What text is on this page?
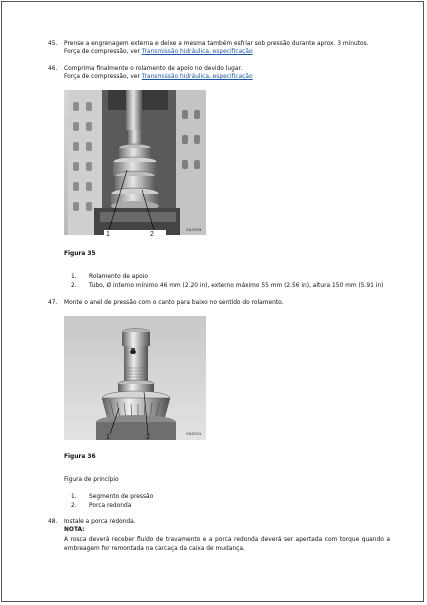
45. Prense a engrenagem externa e deixe a mesma também esfriar sob pressão durante aprox. 3 minutos.
Força de compressão, ver Transmissão hidráulica, especificação
46. Comprima finalmente o rolamento de apoio no devido lugar.
Força de compressão, ver Transmissão hidráulica, especificação
1	2
V1121978
Figura 35
1. Rolamento de apoio
2. Tubo, Ø interno mínimo 46 mm (2.20 in), externo máximo 55 mm (2.56 in), altura 150 mm (5.91 in)
47. Monte o anel de pressão com o canto para baixo no sentido do rolamento.
1	2	V1120741
Figura 36
Figura de princípio
1. Segmento de pressão
2. Porca redonda
48. Instale a porca redonda.
NOTA:
A rosca deverá receber fluido de travamento e a porca redonda deverá ser apertada com torque quando a embreagem for remontada na carcaça da caixa de mudança.
